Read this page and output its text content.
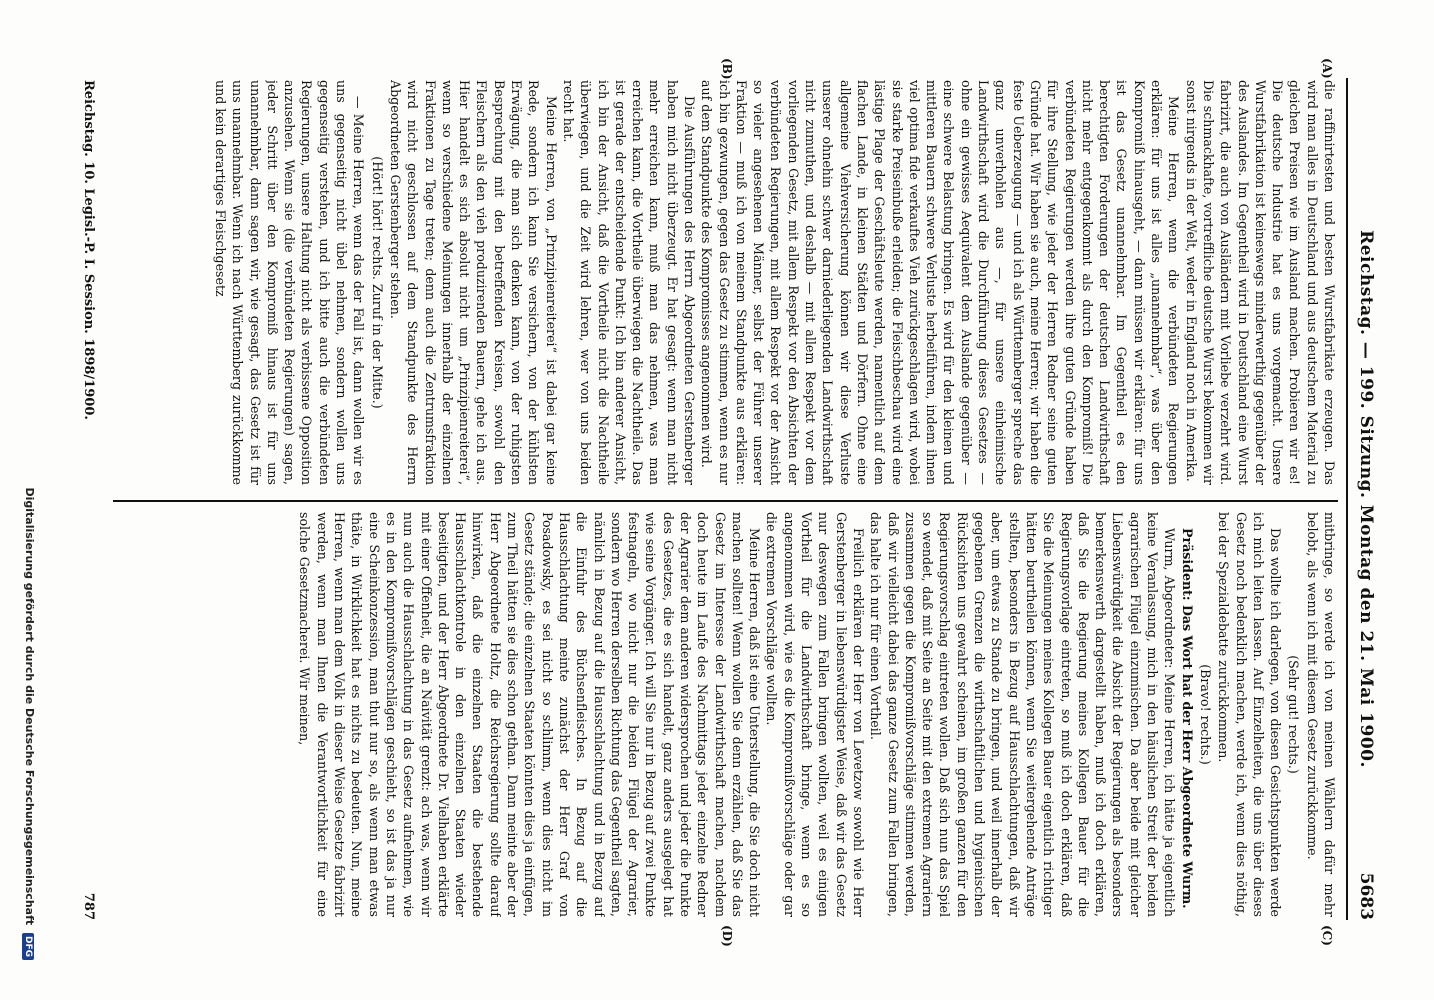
Reichstag. — 199. Sitzung. Montag den 21. Mai 1900.
5683
(A)
(B)
(C)
(D)

die raffinirtesten und besten Wurstfabrikate erzeugen. Das wird man alles in Deutschland und aus deutschem Material zu gleichen Preisen wie im Ausland machen. Probieren wir es! Die deutsche Industrie hat es uns vorgemacht. Unsere Wurstfabrikation ist keineswegs minderwerthig gegenüber der des Auslandes. Im Gegentheil wird in Deutschland eine Wurst fabrizirt, die auch von Ausländern mit Vorliebe verzehrt wird. Die schmackhafte, vortreffliche deutsche Wurst bekommen wir sonst nirgends in der Welt, weder in England noch in Amerika.

Meine Herren, wenn die verbündeten Regierungen erklären: für uns ist alles „unannehmbar“, was über den Kompromiß hinausgeht, — dann müssen wir erklären: für uns ist das Gesetz unannehmbar. Im Gegentheil es den berechtigten Forderungen der deutschen Landwirthschaft nicht mehr entgegenkommt als durch den Kompromiß! Die verbündeten Regierungen werden ihre guten Gründe haben für ihre Stellung, wie jeder der Herren Redner seine guten Gründe hat. Wir haben sie auch, meine Herren; wir haben die feste Ueberzeugung — und ich als Württemberger spreche das ganz unverhohlen aus —, für unsere einheimische Landwirthschaft wird die Durchführung dieses Gesetzes — ohne ein gewisses Aequivalent dem Auslande gegenüber — eine schwere Belastung bringen. Es wird für den kleinen und mittleren Bauern schwere Verluste herbeiführen, indem ihnen viel optima fide verkauftes Vieh zurückgeschlagen wird, wobei sie starke Preiseinbuße erleiden; die Fleischbeschau wird eine lästige Plage der Geschäftsleute werden, namentlich auf dem flachen Lande, in kleinen Städten und Dörfern. Ohne eine allgemeine Viehversicherung können wir diese Verluste unserer ohnehin schwer darniederliegenden Landwirthschaft nicht zumuthen, und deshalb — mit allem Respekt vor dem vorliegenden Gesetz, mit allem Respekt vor den Absichten der verbündeten Regierungen, mit allem Respekt vor der Ansicht so vieler angesehenen Männer, selbst der Führer unserer Fraktion — muß ich von meinem Standpunkte aus erklären: ich bin gezwungen, gegen das Gesetz zu stimmen, wenn es nur auf dem Standpunkte des Kompromisses angenommen wird.

Die Ausführungen des Herrn Abgeordneten Gerstenberger haben mich nicht überzeugt. Er hat gesagt: wenn man nicht mehr erreichen kann, muß man das nehmen, was man erreichen kann, die Vortheile überwiegen die Nachtheile. Das ist gerade der entscheidende Punkt: Ich bin anderer Ansicht, ich bin der Ansicht, daß die Vortheile nicht die Nachtheile überwiegen, und die Zeit wird lehren, wer von uns beiden recht hat.

Meine Herren, von „Prinzipienreiterei“ ist dabei gar keine Rede, sondern ich kann Sie versichern, von der kühlsten Erwägung, die man sich denken kann, von der ruhigsten Besprechung mit den betreffenden Kreisen, sowohl den Fleischern als den vieh produzirenden Bauern, gehe ich aus. Hier handelt es sich absolut nicht um „Prinzipienreiterei“, wenn so verschiedene Meinungen innerhalb der einzelnen Fraktionen zu Tage treten; denn auch die Zentrumsfraktion wird nicht geschlossen auf dem Standpunkte des Herrn Abgeordneten Gerstenberger stehen.

(Hört! hört! rechts. Zuruf in der Mitte.)

— Meine Herren, wenn das der Fall ist, dann wollen wir es uns gegenseitig nicht übel nehmen, sondern wollen uns gegenseitig verstehen, und ich bitte auch die verbündeten Regierungen, unsere Haltung nicht als verbissene Opposition anzusehen. Wenn sie (die verbündeten Regierungen) sagen, jeder Schritt über den Kompromiß hinaus ist für uns unannehmbar, dann sagen wir, wie gesagt, das Gesetz ist für uns unannehmbar. Wenn ich nach Württemberg zurückkomme und kein derartiges Fleischgesetz

mitbringe, so werde ich von meinen Wählern dafür mehr belobt, als wenn ich mit diesem Gesetz zurückkomme.

(Sehr gut! rechts.)

Das wollte ich darlegen, von diesen Gesichtspunkten werde ich mich leiten lassen. Auf Einzelheiten, die uns über dieses Gesetz noch bedenklich machen, werde ich, wenn dies nöthig, bei der Spezialdebatte zurückkommen.

(Bravo! rechts.)

Präsident: Das Wort hat der Herr Abgeordnete Wurm.

Wurm, Abgeordneter: Meine Herren, ich hätte ja eigentlich keine Veranlassung, mich in den häuslichen Streit der beiden agrarischen Flügel einzumischen. Da aber beide mit gleicher Liebenswürdigkeit die Absicht der Regierungen als besonders bemerkenswerth dargestellt haben, muß ich doch erklären, daß Sie die Regierung meines Kollegen Bauer für die Regierungsvorlage eintreten, so muß ich doch erklären, daß Sie die Meinungen meines Kollegen Bauer eigentlich richtiger hätten beurtheilen können, wenn Sie weitergehende Anträge stellten, besonders in Bezug auf Hausschlachtungen, daß wir aber, um etwas zu Stande zu bringen, und weil innerhalb der gegebenen Grenzen die wirthschaftlichen und hygienischen Rücksichten uns gewahrt scheinen, im großen ganzen für den Regierungsvorschlag eintreten wollen. Daß sich nun das Spiel so wendet, daß mit Seite an Seite mit den extremen Agrariern zusammen gegen die Kompromißvorschläge stimmen werden, daß wir vielleicht dabei das ganze Gesetz zum Fallen bringen, das halte ich nur für einen Vortheil.

Freilich erklären der Herr von Levetzow sowohl wie Herr Gerstenberger in liebenswürdigster Weise, daß wir das Gesetz nur deswegen zum Fallen bringen wollten, weil es einigen Vortheil für die Landwirthschaft bringe, wenn es so angenommen wird, wie es die Kompromißvorschläge oder gar die extremen Vorschläge wollten.

Meine Herren, daß ist eine Unterstellung, die Sie doch nicht machen sollten! Wenn wollen Sie denn erzählen, daß Sie das Gesetz im Interesse der Landwirthschaft machen, nachdem doch heute im Laufe des Nachmittags jeder einzelne Redner der Agrarier dem anderen widersprochen und jeder die Punkte des Gesetzes, die es sich handelt, ganz anders ausgelegt hat wie seine Vorgänger. Ich will Sie nur in Bezug auf zwei Punkte festnageln, wo nicht nur die beiden Flügel der Agrarier, sondern wo Herren derselben Richtung das Gegentheil sagten, nämlich in Bezug auf die Hausschlachtung und in Bezug auf die Einfuhr des Büchsenfleisches. In Bezug auf die Hausschlachtung meinte zunächst der Herr Graf von Posadowsky, es sei nicht so schlimm, wenn dies nicht im Gesetz stände; die einzelnen Staaten könnten dies ja einfügen, zum Theil hätten sie dies schon gethan. Dann meinte aber der Herr Abgeordnete Holtz, die Reichsregierung sollte darauf hinwirken, daß die einzelnen Staaten die bestehende Hausschlachtkontrole in den einzelnen Staaten wieder beseitigten, und der Herr Abgeordnete Dr. Vielhaben erklärte mit einer Offenheit, die an Naivität grenzt: ach was, wenn wir nun auch die Hausschlachtung in das Gesetz aufnehmen, wie es in den Kompromißvorschlägen geschieht, so ist das ja nur eine Scheinkonzession, man thut nur so, als wenn man etwas thäte, in Wirklichkeit hat es nichts zu bedeuten. Nun, meine Herren, wenn man dem Volk in dieser Weise Gesetze fabrizirt werden, wenn man Ihnen die Verantwortlichkeit für eine solche Gesetzmacherei. Wir meinen,

Reichstag. 10. Legisl.-P. I. Session. 1898/1900.
787
Digitalisierung gefördert durch die Deutsche Forschungsgemeinschaft DFG
